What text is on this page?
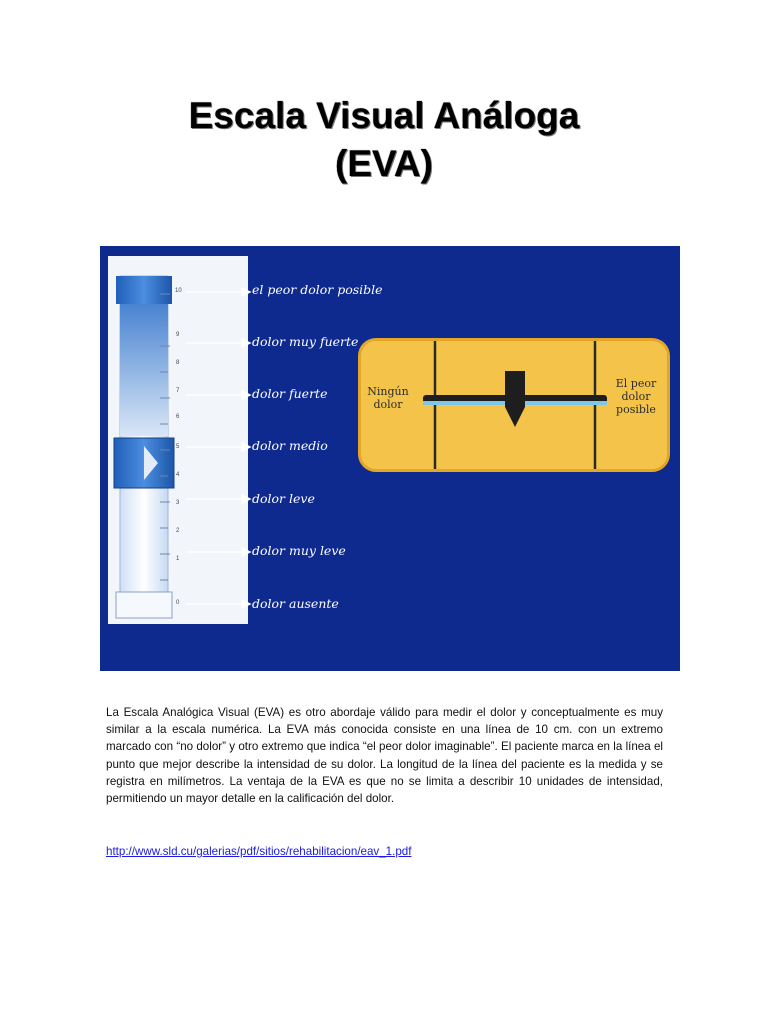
Escala Visual Análoga
(EVA)
10
9
8
7
6
5
4
3
2
1
0
el peor dolor posible
dolor muy fuerte
dolor fuerte
dolor medio
dolor leve
dolor muy leve
dolor ausente
Ningún
dolor
El peor
dolor
posible
La Escala Analógica Visual (EVA) es otro abordaje válido para medir el dolor y conceptualmente es muy similar a la escala numérica. La EVA más conocida consiste en una línea de 10 cm. con un extremo marcado con “no dolor” y otro extremo que indica “el peor dolor imaginable”. El paciente marca en la línea el punto que mejor describe la intensidad de su dolor. La longitud de la línea del paciente es la medida y se registra en milímetros. La ventaja de la EVA es que no se limita a describir 10 unidades de intensidad, permitiendo un mayor detalle en la calificación del dolor.
http://www.sld.cu/galerias/pdf/sitios/rehabilitacion/eav_1.pdf
